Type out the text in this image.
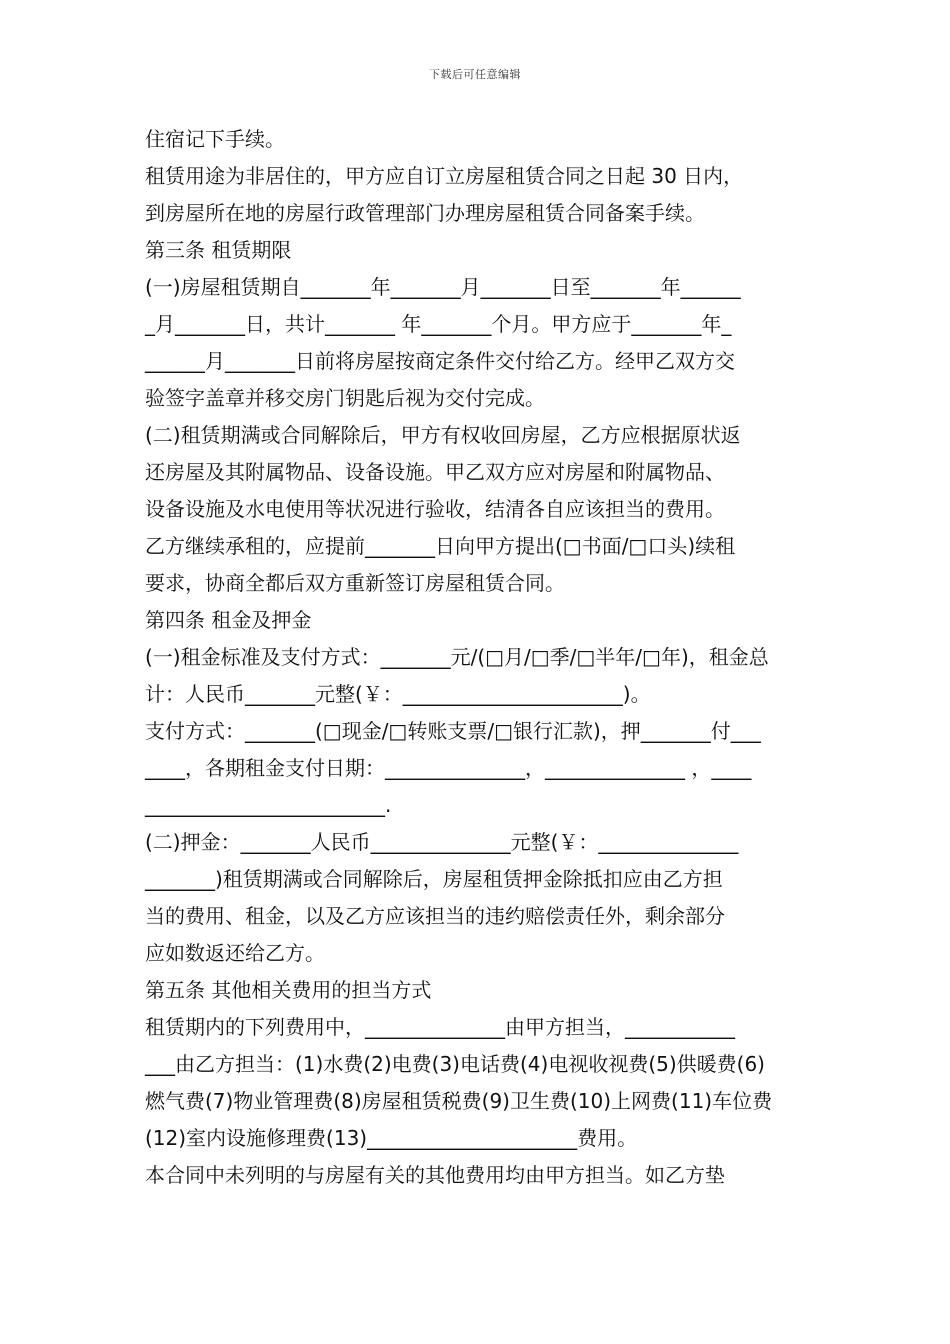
下载后可任意编辑
住宿记下手续。
租赁用途为非居住的，甲方应自订立房屋租赁合同之日起 30 日内，
到房屋所在地的房屋行政管理部门办理房屋租赁合同备案手续。
第三条 租赁期限
(一)房屋租赁期自_______年_______月_______日至_______年______
_月_______日，共计_______ 年_______个月。甲方应于_______年_
______月_______日前将房屋按商定条件交付给乙方。经甲乙双方交
验签字盖章并移交房门钥匙后视为交付完成。
(二)租赁期满或合同解除后，甲方有权收回房屋，乙方应根据原状返
还房屋及其附属物品、设备设施。甲乙双方应对房屋和附属物品、
设备设施及水电使用等状况进行验收，结清各自应该担当的费用。
乙方继续承租的，应提前_______日向甲方提出(□书面/□口头)续租
要求，协商全都后双方重新签订房屋租赁合同。
第四条 租金及押金
(一)租金标准及支付方式：_______元/(□月/□季/□半年/□年)，租金总
计：人民币_______元整(￥：______________________)。
支付方式：_______(□现金/□转账支票/□银行汇款)，押_______付___
____，各期租金支付日期：______________，______________ ，____
________________________.
(二)押金：_______人民币______________元整(￥：______________
_______)租赁期满或合同解除后，房屋租赁押金除抵扣应由乙方担
当的费用、租金，以及乙方应该担当的违约赔偿责任外，剩余部分
应如数返还给乙方。
第五条 其他相关费用的担当方式
租赁期内的下列费用中，______________由甲方担当，___________
___由乙方担当：(1)水费(2)电费(3)电话费(4)电视收视费(5)供暖费(6)
燃气费(7)物业管理费(8)房屋租赁税费(9)卫生费(10)上网费(11)车位费
(12)室内设施修理费(13)_____________________费用。
本合同中未列明的与房屋有关的其他费用均由甲方担当。如乙方垫
